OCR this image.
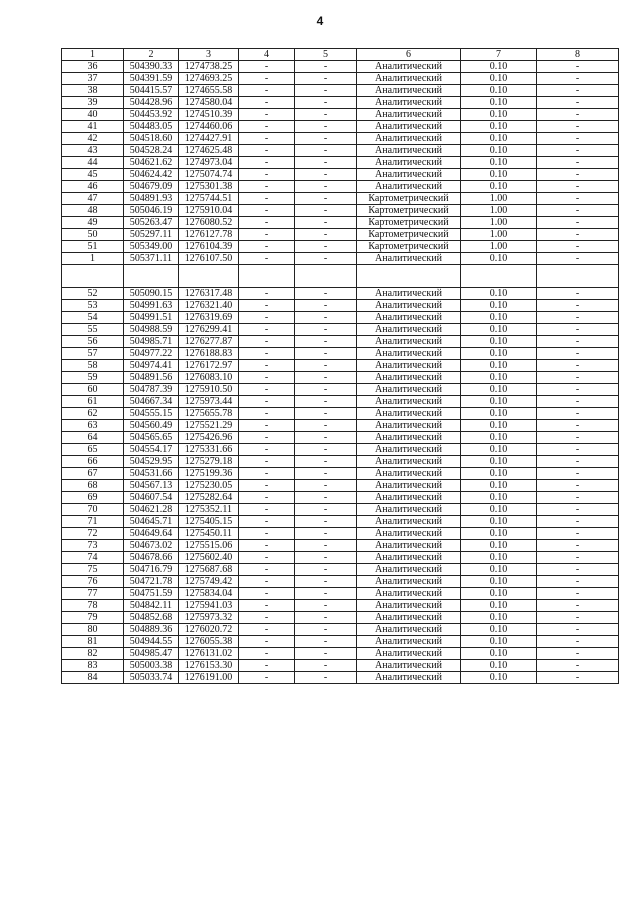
4
1	2	3	4	5	6	7	8
36	504390.33	1274738.25	-	-	Аналитический	0.10	-
37	504391.59	1274693.25	-	-	Аналитический	0.10	-
38	504415.57	1274655.58	-	-	Аналитический	0.10	-
39	504428.96	1274580.04	-	-	Аналитический	0.10	-
40	504453.92	1274510.39	-	-	Аналитический	0.10	-
41	504483.05	1274460.06	-	-	Аналитический	0.10	-
42	504518.60	1274427.91	-	-	Аналитический	0.10	-
43	504528.24	1274625.48	-	-	Аналитический	0.10	-
44	504621.62	1274973.04	-	-	Аналитический	0.10	-
45	504624.42	1275074.74	-	-	Аналитический	0.10	-
46	504679.09	1275301.38	-	-	Аналитический	0.10	-
47	504891.93	1275744.51	-	-	Картометрический	1.00	-
48	505046.19	1275910.04	-	-	Картометрический	1.00	-
49	505263.47	1276080.52	-	-	Картометрический	1.00	-
50	505297.11	1276127.78	-	-	Картометрический	1.00	-
51	505349.00	1276104.39	-	-	Картометрический	1.00	-
1	505371.11	1276107.50	-	-	Аналитический	0.10	-

52	505090.15	1276317.48	-	-	Аналитический	0.10	-
53	504991.63	1276321.40	-	-	Аналитический	0.10	-
54	504991.51	1276319.69	-	-	Аналитический	0.10	-
55	504988.59	1276299.41	-	-	Аналитический	0.10	-
56	504985.71	1276277.87	-	-	Аналитический	0.10	-
57	504977.22	1276188.83	-	-	Аналитический	0.10	-
58	504974.41	1276172.97	-	-	Аналитический	0.10	-
59	504891.56	1276083.10	-	-	Аналитический	0.10	-
60	504787.39	1275910.50	-	-	Аналитический	0.10	-
61	504667.34	1275973.44	-	-	Аналитический	0.10	-
62	504555.15	1275655.78	-	-	Аналитический	0.10	-
63	504560.49	1275521.29	-	-	Аналитический	0.10	-
64	504565.65	1275426.96	-	-	Аналитический	0.10	-
65	504554.17	1275331.66	-	-	Аналитический	0.10	-
66	504529.95	1275279.18	-	-	Аналитический	0.10	-
67	504531.66	1275199.36	-	-	Аналитический	0.10	-
68	504567.13	1275230.05	-	-	Аналитический	0.10	-
69	504607.54	1275282.64	-	-	Аналитический	0.10	-
70	504621.28	1275352.11	-	-	Аналитический	0.10	-
71	504645.71	1275405.15	-	-	Аналитический	0.10	-
72	504649.64	1275450.11	-	-	Аналитический	0.10	-
73	504673.02	1275515.06	-	-	Аналитический	0.10	-
74	504678.66	1275602.40	-	-	Аналитический	0.10	-
75	504716.79	1275687.68	-	-	Аналитический	0.10	-
76	504721.78	1275749.42	-	-	Аналитический	0.10	-
77	504751.59	1275834.04	-	-	Аналитический	0.10	-
78	504842.11	1275941.03	-	-	Аналитический	0.10	-
79	504852.68	1275973.32	-	-	Аналитический	0.10	-
80	504889.36	1276020.72	-	-	Аналитический	0.10	-
81	504944.55	1276055.38	-	-	Аналитический	0.10	-
82	504985.47	1276131.02	-	-	Аналитический	0.10	-
83	505003.38	1276153.30	-	-	Аналитический	0.10	-
84	505033.74	1276191.00	-	-	Аналитический	0.10	-
